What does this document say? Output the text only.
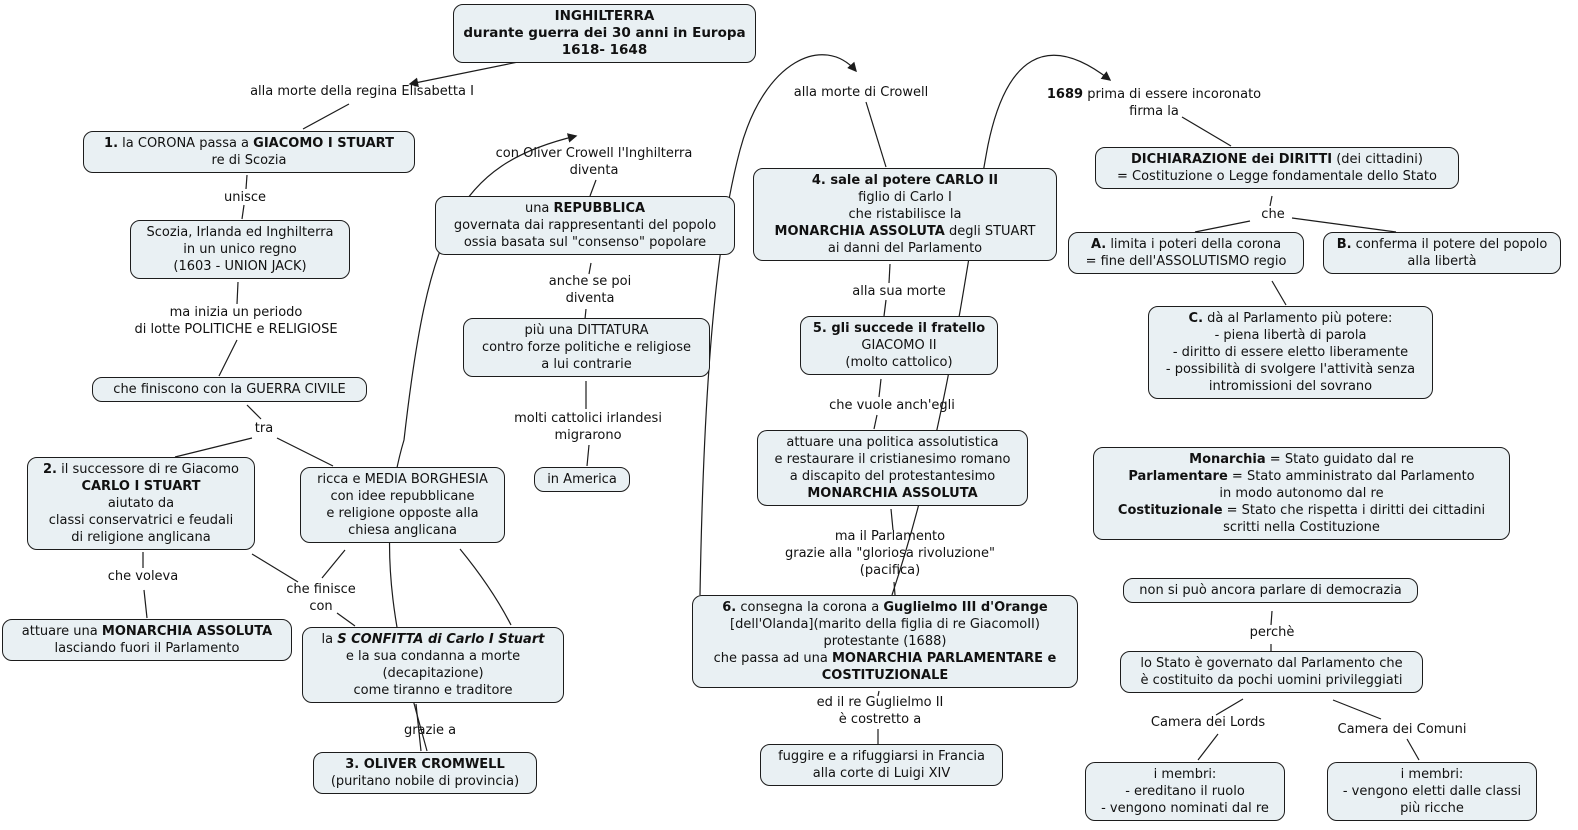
INGHILTERRA
durante guerra dei 30 anni in Europa
1618- 1648
alla morte della regina Elisabetta I
unisce
ma inizia un periodo
di lotte POLITICHE e RELIGIOSE
tra
che voleva
che finisce
con
grazie a
con Oliver Crowell l'Inghilterra
diventa
anche se poi
diventa
molti cattolici irlandesi
migrarono
alla morte di Crowell
alla sua morte
che vuole anch'egli
ma il Parlamento
grazie alla "gloriosa rivoluzione"
(pacifica)
ed il re Guglielmo II
è costretto a
1689 prima di essere incoronato
firma la
che
perchè
Camera dei Lords	Camera dei Comuni
1. la CORONA passa a GIACOMO I STUART
re di Scozia
Scozia, Irlanda ed Inghilterra
in un unico regno
(1603 - UNION JACK)
che finiscono con la GUERRA CIVILE
2. il successore di re Giacomo
CARLO I STUART
aiutato da
classi conservatrici e feudali
di religione anglicana
attuare una MONARCHIA ASSOLUTA
lasciando fuori il Parlamento
ricca e MEDIA BORGHESIA
con idee repubblicane
e religione opposte alla
chiesa anglicana
la S CONFITTA di Carlo I Stuart
e la sua condanna a morte
(decapitazione)
come tiranno e traditore
3. OLIVER CROMWELL
(puritano nobile di provincia)
una REPUBBLICA
governata dai rappresentanti del popolo
ossia basata sul "consenso" popolare
più una DITTATURA
contro forze politiche e religiose
a lui contrarie
in America
4. sale al potere CARLO II
figlio di Carlo I
che ristabilisce la
MONARCHIA ASSOLUTA degli STUART
ai danni del Parlamento
5. gli succede il fratello
GIACOMO II
(molto cattolico)
attuare una politica assolutistica
e restaurare il cristianesimo romano
a discapito del protestantesimo
MONARCHIA ASSOLUTA
6. consegna la corona a Guglielmo III d'Orange
[dell'Olanda](marito della figlia di re GiacomoII)
protestante (1688)
che passa ad una MONARCHIA PARLAMENTARE e
COSTITUZIONALE
fuggire e a rifuggiarsi in Francia
alla corte di Luigi XIV
DICHIARAZIONE dei DIRITTI (dei cittadini)
= Costituzione o Legge fondamentale dello Stato
A. limita i poteri della corona
= fine dell'ASSOLUTISMO regio
B. conferma il potere del popolo
alla libertà
C. dà al Parlamento più potere:
- piena libertà di parola
- diritto di essere eletto liberamente
- possibilità di svolgere l'attività senza
intromissioni del sovrano
Monarchia = Stato guidato dal re
Parlamentare = Stato amministrato dal Parlamento
in modo autonomo dal re
Costituzionale = Stato che rispetta i diritti dei cittadini
scritti nella Costituzione
non si può ancora parlare di democrazia
lo Stato è governato dal Parlamento che
è costituito da pochi uomini privileggiati
i membri:
- ereditano il ruolo
- vengono nominati dal re
i membri:
- vengono eletti dalle classi
più ricche
